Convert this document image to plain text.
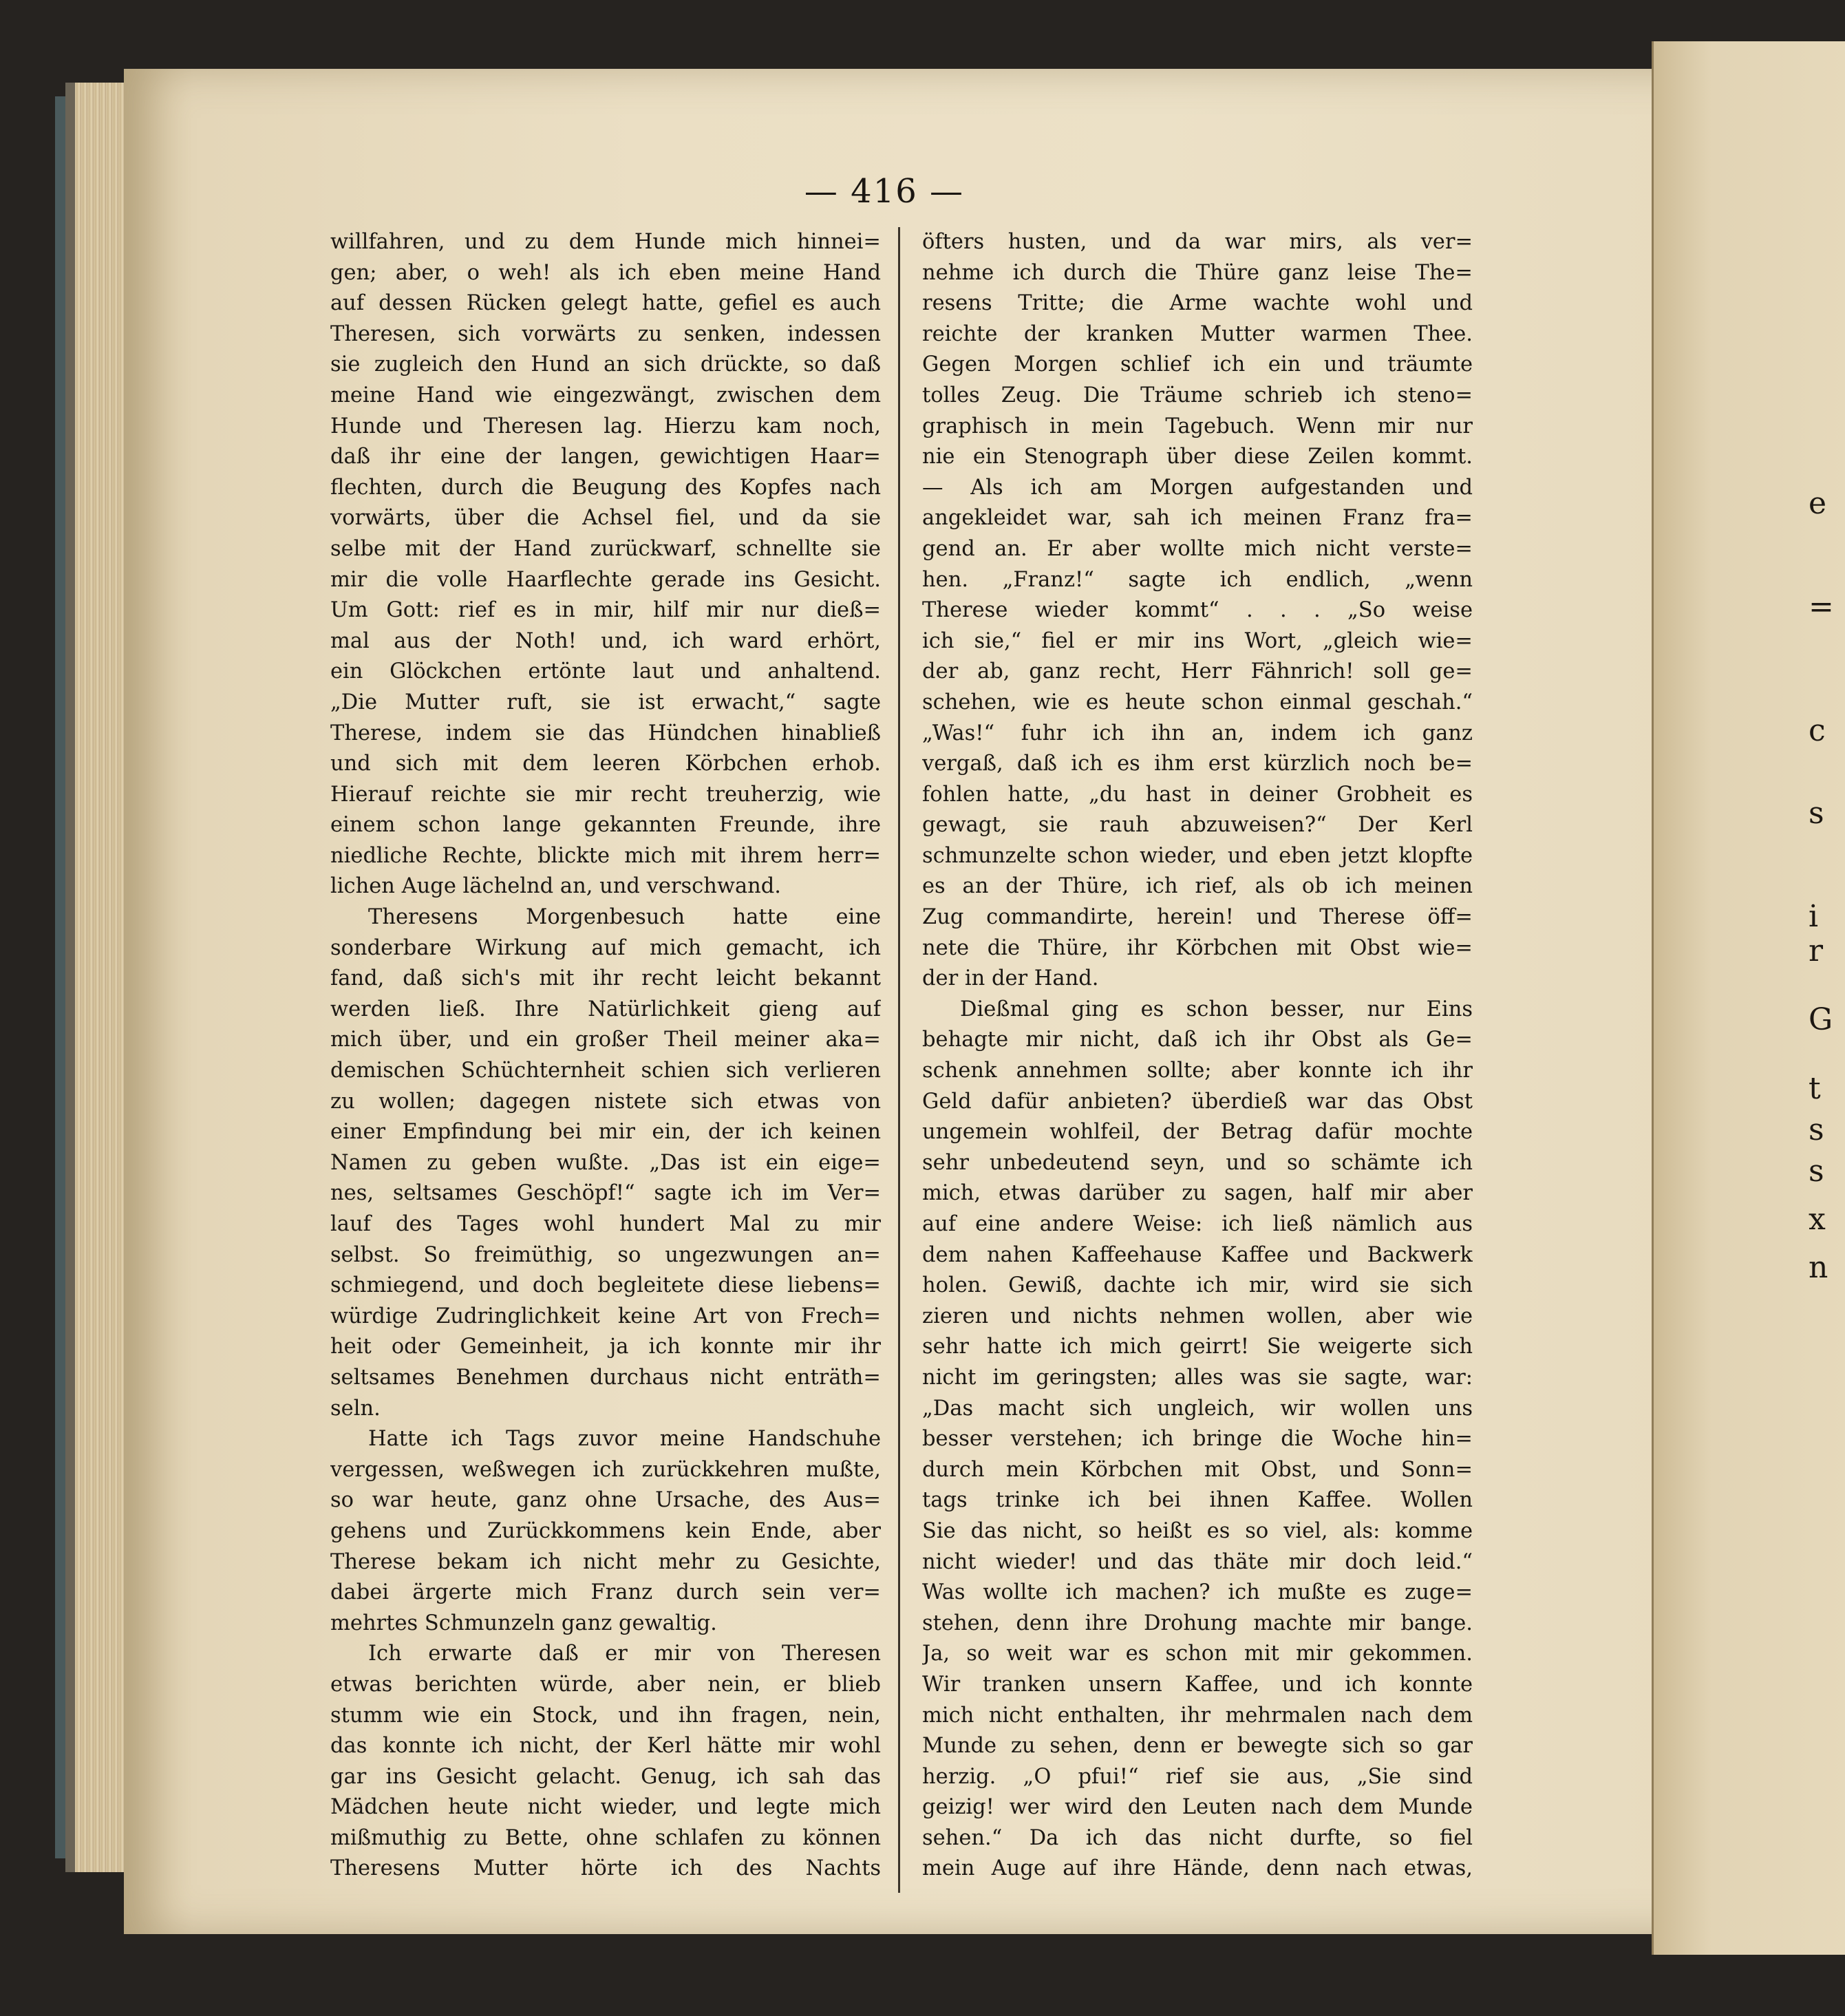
e
=
c
s
i
r
G
t
s
s
x
n
— 416 —
willfahren, und zu dem Hunde mich hinnei=
gen; aber, o weh! als ich eben meine Hand
auf dessen Rücken gelegt hatte, gefiel es auch
Theresen, sich vorwärts zu senken, indessen
sie zugleich den Hund an sich drückte, so daß
meine Hand wie eingezwängt, zwischen dem
Hunde und Theresen lag. Hierzu kam noch,
daß ihr eine der langen, gewichtigen Haar=
flechten, durch die Beugung des Kopfes nach
vorwärts, über die Achsel fiel, und da sie
selbe mit der Hand zurückwarf, schnellte sie
mir die volle Haarflechte gerade ins Gesicht.
Um Gott: rief es in mir, hilf mir nur dieß=
mal aus der Noth! und, ich ward erhört,
ein Glöckchen ertönte laut und anhaltend.
„Die Mutter ruft, sie ist erwacht,“ sagte
Therese, indem sie das Hündchen hinabließ
und sich mit dem leeren Körbchen erhob.
Hierauf reichte sie mir recht treuherzig, wie
einem schon lange gekannten Freunde, ihre
niedliche Rechte, blickte mich mit ihrem herr=
lichen Auge lächelnd an, und verschwand.
Theresens Morgenbesuch hatte eine
sonderbare Wirkung auf mich gemacht, ich
fand, daß sich's mit ihr recht leicht bekannt
werden ließ. Ihre Natürlichkeit gieng auf
mich über, und ein großer Theil meiner aka=
demischen Schüchternheit schien sich verlieren
zu wollen; dagegen nistete sich etwas von
einer Empfindung bei mir ein, der ich keinen
Namen zu geben wußte. „Das ist ein eige=
nes, seltsames Geschöpf!“ sagte ich im Ver=
lauf des Tages wohl hundert Mal zu mir
selbst. So freimüthig, so ungezwungen an=
schmiegend, und doch begleitete diese liebens=
würdige Zudringlichkeit keine Art von Frech=
heit oder Gemeinheit, ja ich konnte mir ihr
seltsames Benehmen durchaus nicht enträth=
seln.
Hatte ich Tags zuvor meine Handschuhe
vergessen, weßwegen ich zurückkehren mußte,
so war heute, ganz ohne Ursache, des Aus=
gehens und Zurückkommens kein Ende, aber
Therese bekam ich nicht mehr zu Gesichte,
dabei ärgerte mich Franz durch sein ver=
mehrtes Schmunzeln ganz gewaltig.
Ich erwarte daß er mir von Theresen
etwas berichten würde, aber nein, er blieb
stumm wie ein Stock, und ihn fragen, nein,
das konnte ich nicht, der Kerl hätte mir wohl
gar ins Gesicht gelacht. Genug, ich sah das
Mädchen heute nicht wieder, und legte mich
mißmuthig zu Bette, ohne schlafen zu können
Theresens Mutter hörte ich des Nachts
öfters husten, und da war mirs, als ver=
nehme ich durch die Thüre ganz leise The=
resens Tritte; die Arme wachte wohl und
reichte der kranken Mutter warmen Thee.
Gegen Morgen schlief ich ein und träumte
tolles Zeug. Die Träume schrieb ich steno=
graphisch in mein Tagebuch. Wenn mir nur
nie ein Stenograph über diese Zeilen kommt.
— Als ich am Morgen aufgestanden und
angekleidet war, sah ich meinen Franz fra=
gend an. Er aber wollte mich nicht verste=
hen. „Franz!“ sagte ich endlich, „wenn
Therese wieder kommt“ . . . „So weise
ich sie,“ fiel er mir ins Wort, „gleich wie=
der ab, ganz recht, Herr Fähnrich! soll ge=
schehen, wie es heute schon einmal geschah.“
„Was!“ fuhr ich ihn an, indem ich ganz
vergaß, daß ich es ihm erst kürzlich noch be=
fohlen hatte, „du hast in deiner Grobheit es
gewagt, sie rauh abzuweisen?“ Der Kerl
schmunzelte schon wieder, und eben jetzt klopfte
es an der Thüre, ich rief, als ob ich meinen
Zug commandirte, herein! und Therese öff=
nete die Thüre, ihr Körbchen mit Obst wie=
der in der Hand.
Dießmal ging es schon besser, nur Eins
behagte mir nicht, daß ich ihr Obst als Ge=
schenk annehmen sollte; aber konnte ich ihr
Geld dafür anbieten? überdieß war das Obst
ungemein wohlfeil, der Betrag dafür mochte
sehr unbedeutend seyn, und so schämte ich
mich, etwas darüber zu sagen, half mir aber
auf eine andere Weise: ich ließ nämlich aus
dem nahen Kaffeehause Kaffee und Backwerk
holen. Gewiß, dachte ich mir, wird sie sich
zieren und nichts nehmen wollen, aber wie
sehr hatte ich mich geirrt! Sie weigerte sich
nicht im geringsten; alles was sie sagte, war:
„Das macht sich ungleich, wir wollen uns
besser verstehen; ich bringe die Woche hin=
durch mein Körbchen mit Obst, und Sonn=
tags trinke ich bei ihnen Kaffee. Wollen
Sie das nicht, so heißt es so viel, als: komme
nicht wieder! und das thäte mir doch leid.“
Was wollte ich machen? ich mußte es zuge=
stehen, denn ihre Drohung machte mir bange.
Ja, so weit war es schon mit mir gekommen.
Wir tranken unsern Kaffee, und ich konnte
mich nicht enthalten, ihr mehrmalen nach dem
Munde zu sehen, denn er bewegte sich so gar
herzig. „O pfui!“ rief sie aus, „Sie sind
geizig! wer wird den Leuten nach dem Munde
sehen.“ Da ich das nicht durfte, so fiel
mein Auge auf ihre Hände, denn nach etwas,
